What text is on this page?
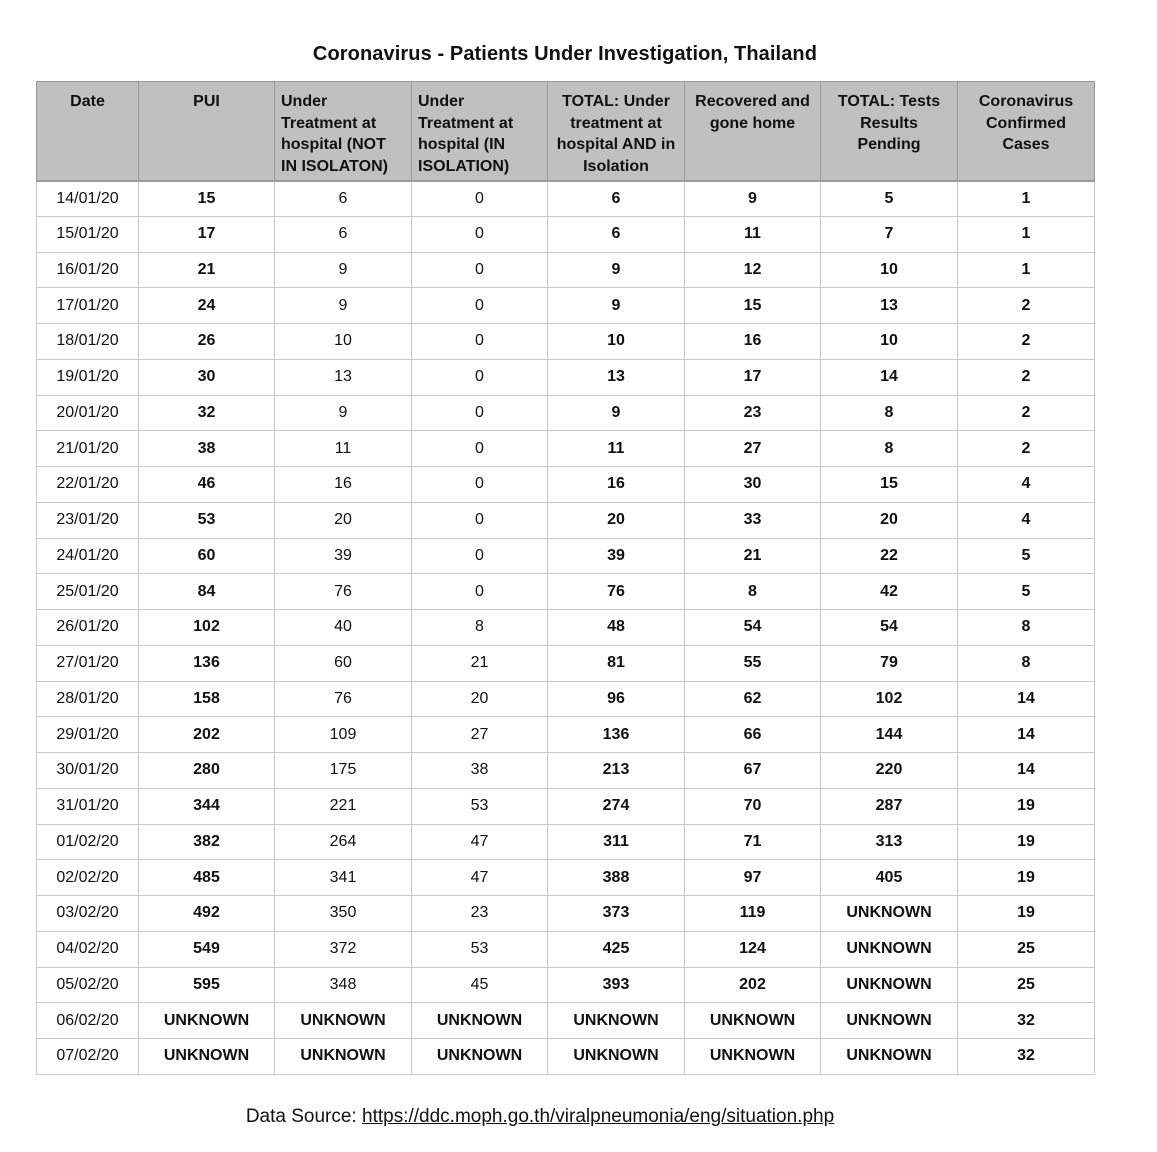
Coronavirus - Patients Under Investigation, Thailand
Date	PUI	Under Treatment at hospital (NOT IN ISOLATON)	Under Treatment at hospital (IN ISOLATION)	TOTAL: Under treatment at hospital AND in Isolation	Recovered and gone home	TOTAL: Tests Results Pending	Coronavirus Confirmed Cases
14/01/20	15	6	0	6	9	5	1
15/01/20	17	6	0	6	11	7	1
16/01/20	21	9	0	9	12	10	1
17/01/20	24	9	0	9	15	13	2
18/01/20	26	10	0	10	16	10	2
19/01/20	30	13	0	13	17	14	2
20/01/20	32	9	0	9	23	8	2
21/01/20	38	11	0	11	27	8	2
22/01/20	46	16	0	16	30	15	4
23/01/20	53	20	0	20	33	20	4
24/01/20	60	39	0	39	21	22	5
25/01/20	84	76	0	76	8	42	5
26/01/20	102	40	8	48	54	54	8
27/01/20	136	60	21	81	55	79	8
28/01/20	158	76	20	96	62	102	14
29/01/20	202	109	27	136	66	144	14
30/01/20	280	175	38	213	67	220	14
31/01/20	344	221	53	274	70	287	19
01/02/20	382	264	47	311	71	313	19
02/02/20	485	341	47	388	97	405	19
03/02/20	492	350	23	373	119	UNKNOWN	19
04/02/20	549	372	53	425	124	UNKNOWN	25
05/02/20	595	348	45	393	202	UNKNOWN	25
06/02/20	UNKNOWN	UNKNOWN	UNKNOWN	UNKNOWN	UNKNOWN	UNKNOWN	32
07/02/20	UNKNOWN	UNKNOWN	UNKNOWN	UNKNOWN	UNKNOWN	UNKNOWN	32
Data Source: https://ddc.moph.go.th/viralpneumonia/eng/situation.php
